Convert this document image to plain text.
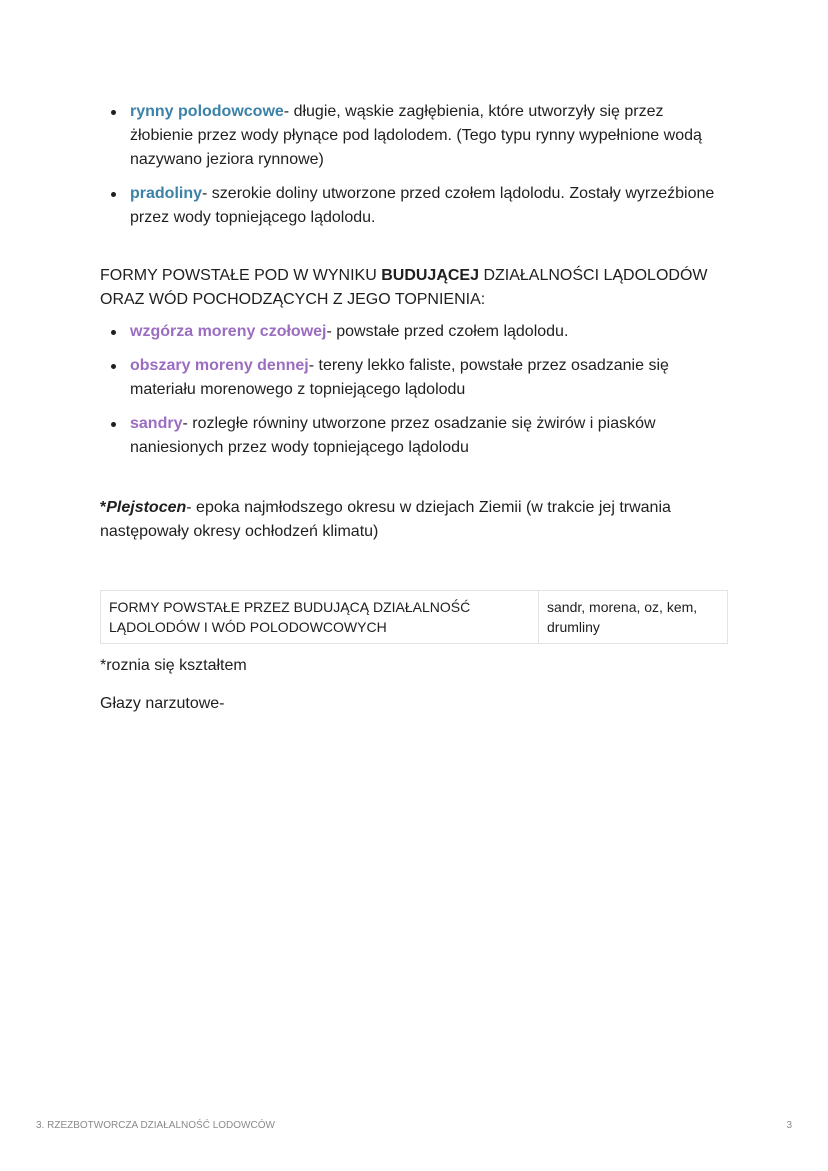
rynny polodowcowe- długie, wąskie zagłębienia, które utworzyły się przez żłobienie przez wody płynące pod lądolodem. (Tego typu rynny wypełnione wodą nazywano jeziora rynnowe)
pradoliny- szerokie doliny utworzone przed czołem lądolodu. Zostały wyrzeźbione przez wody topniejącego lądolodu.

FORMY POWSTAŁE POD W WYNIKU BUDUJĄCEJ DZIAŁALNOŚCI LĄDOLODÓW ORAZ WÓD POCHODZĄCYCH Z JEGO TOPNIENIA:

wzgórza moreny czołowej- powstałe przed czołem lądolodu.
obszary moreny dennej- tereny lekko faliste, powstałe przez osadzanie się materiału morenowego z topniejącego lądolodu
sandry- rozległe równiny utworzone przez osadzanie się żwirów i piasków naniesionych przez wody topniejącego lądolodu

*Plejstocen- epoka najmłodszego okresu w dziejach Ziemii (w trakcie jej trwania następowały okresy ochłodzeń klimatu)

FORMY POWSTAŁE PRZEZ BUDUJĄCĄ DZIAŁALNOŚĆ LĄDOLODÓW I WÓD POLODOWCOWYCH	sandr, morena, oz, kem, drumliny

*roznia się kształtem

Głazy narzutowe-

3. RZEZBOTWORCZA DZIAŁALNOŚĆ LODOWCÓW	3
